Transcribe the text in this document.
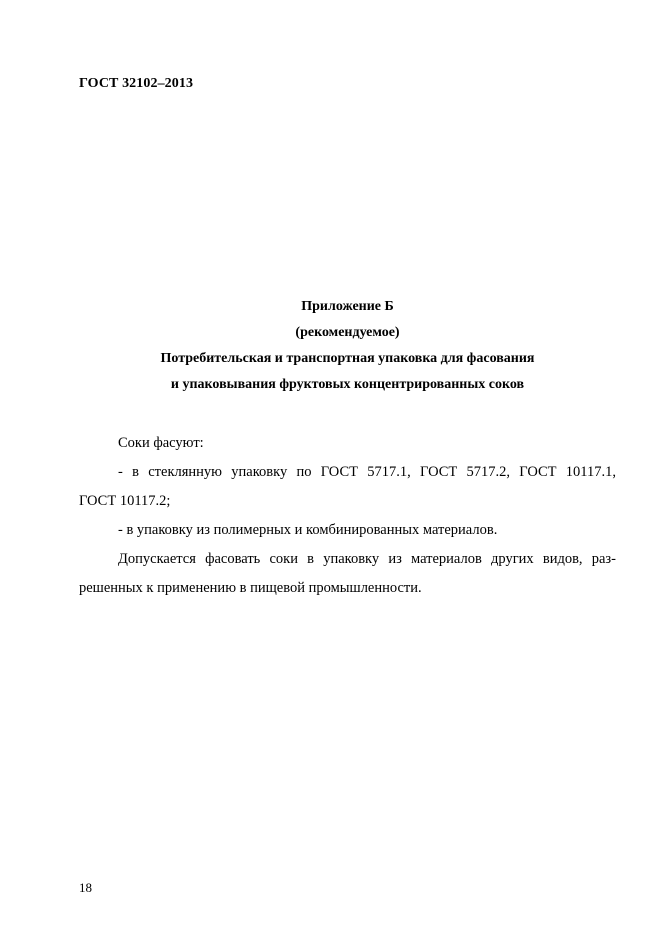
ГОСТ 32102–2013
Приложение Б
(рекомендуемое)
Потребительская и транспортная упаковка для фасования
и упаковывания фруктовых концентрированных соков
Соки фасуют:
- в стеклянную упаковку по ГОСТ 5717.1, ГОСТ 5717.2, ГОСТ 10117.1,
ГОСТ 10117.2;
- в упаковку из полимерных и комбинированных материалов.
Допускается фасовать соки в упаковку из материалов других видов, раз-
решенных к применению в пищевой промышленности.
18
